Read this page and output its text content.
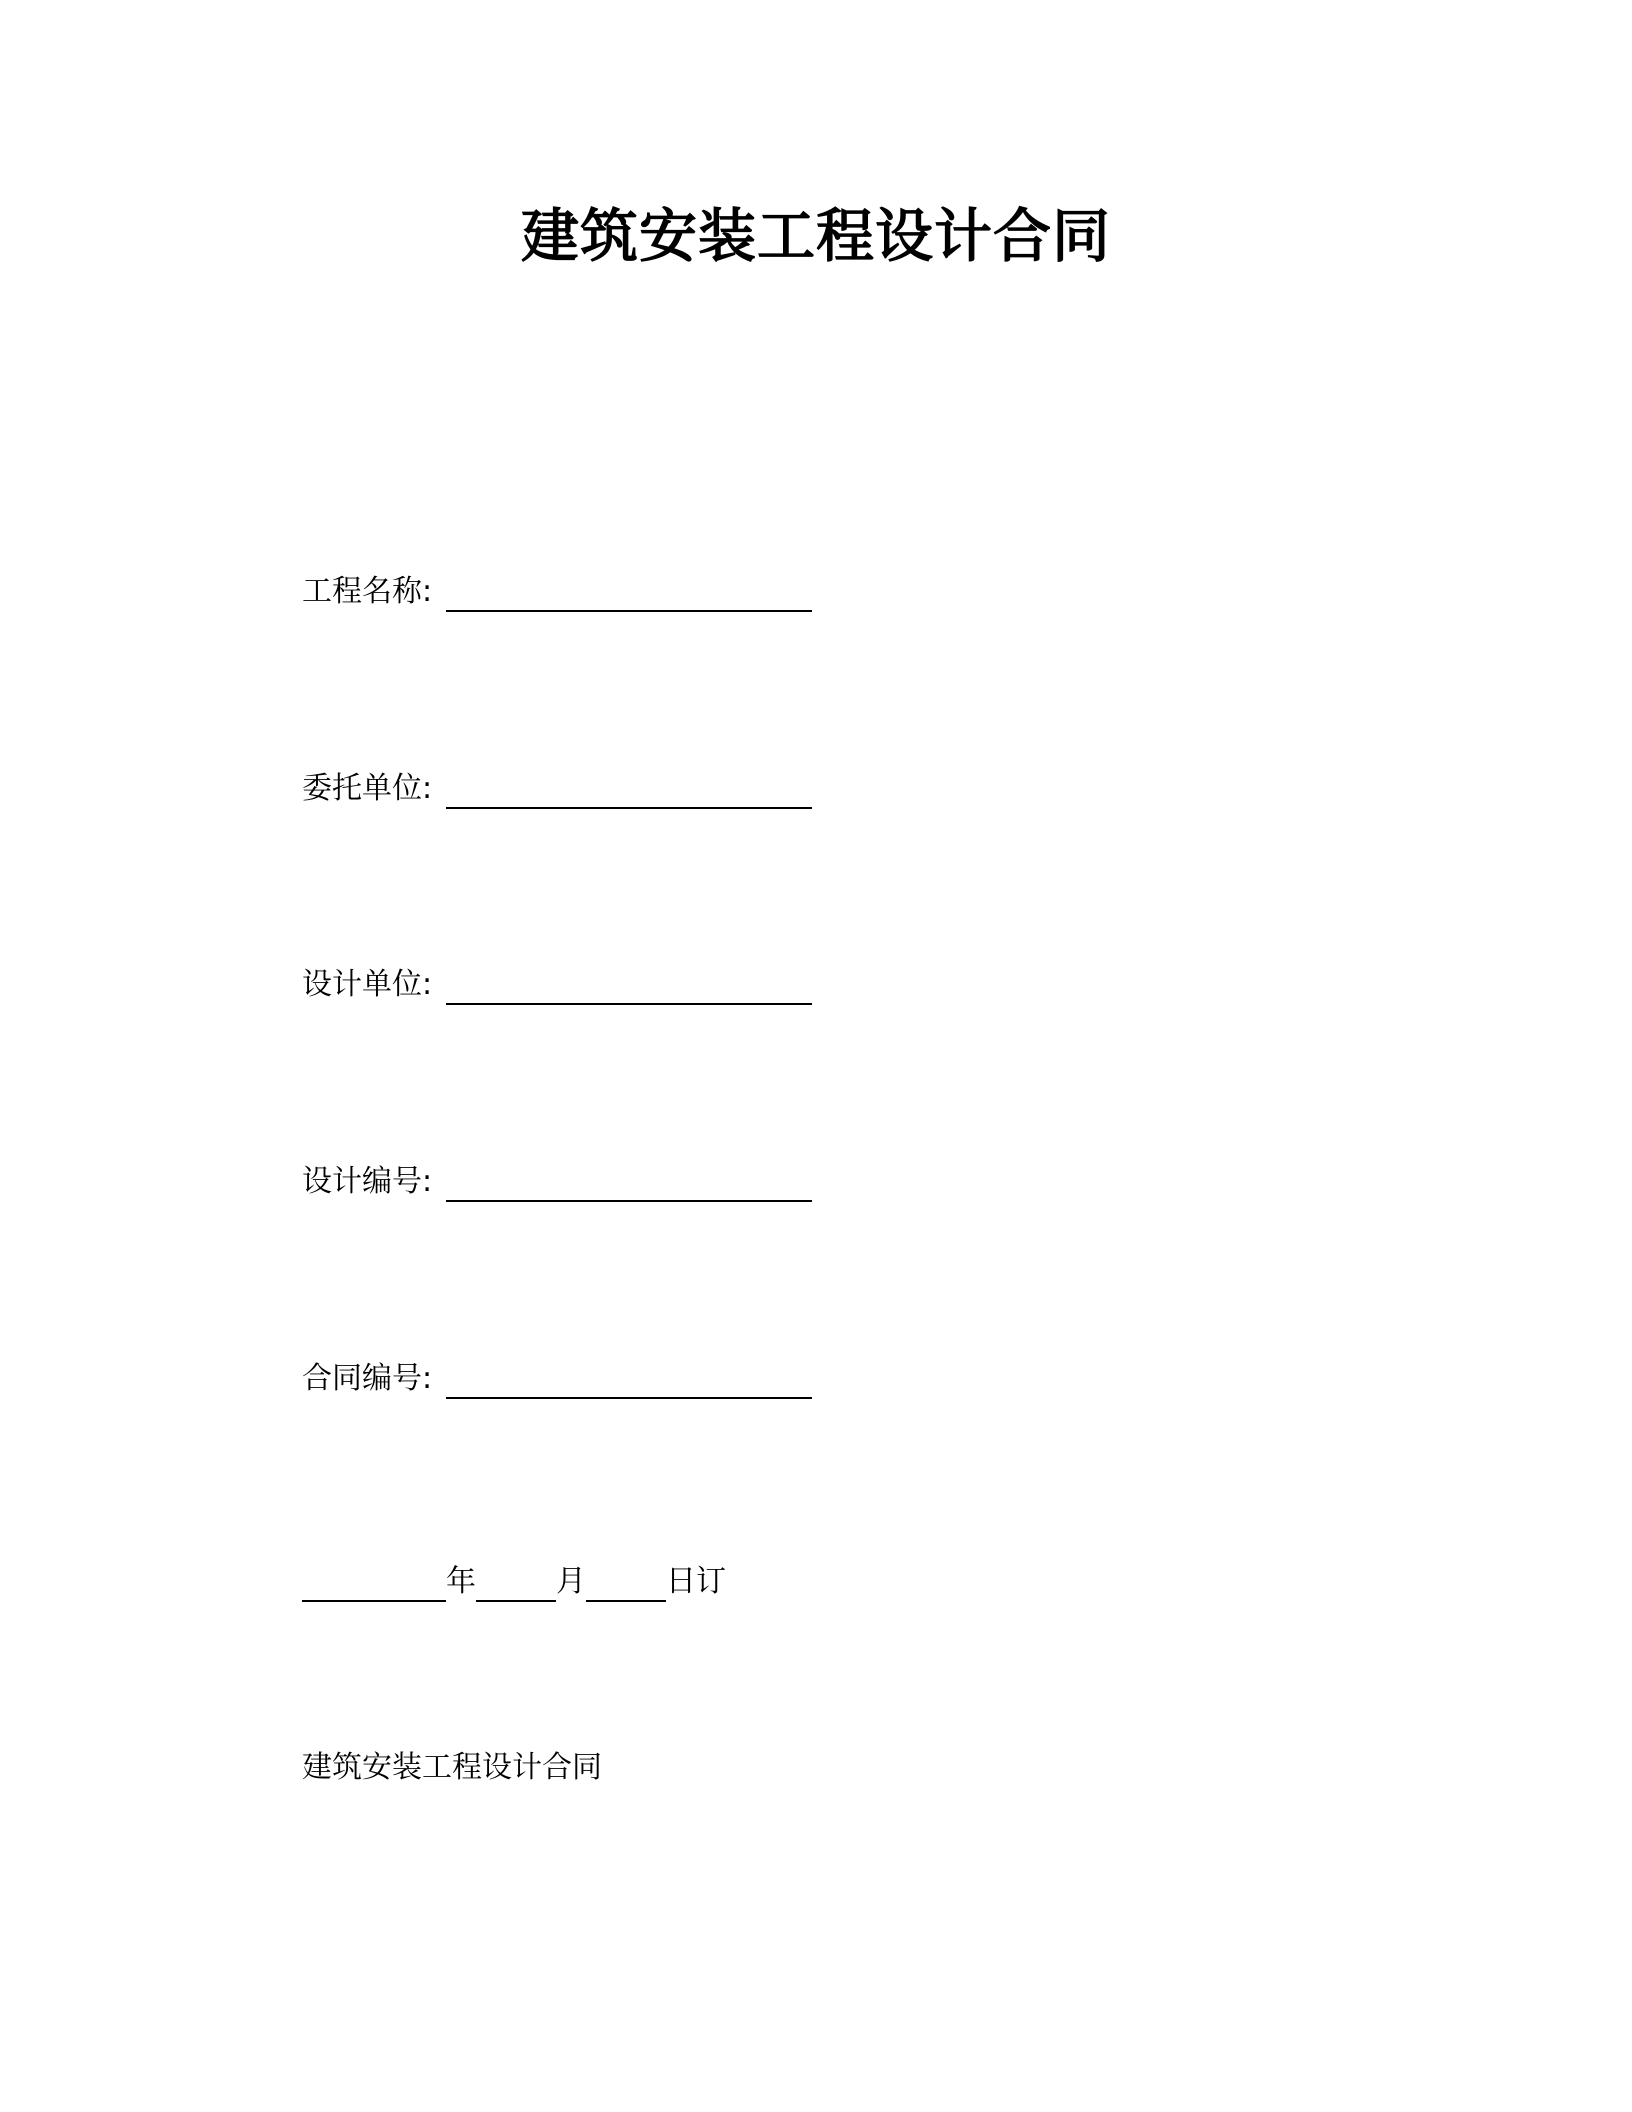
建筑安装工程设计合同
工程名称:
委托单位:
设计单位:
设计编号:
合同编号:
年	月	日订
建筑安装工程设计合同
